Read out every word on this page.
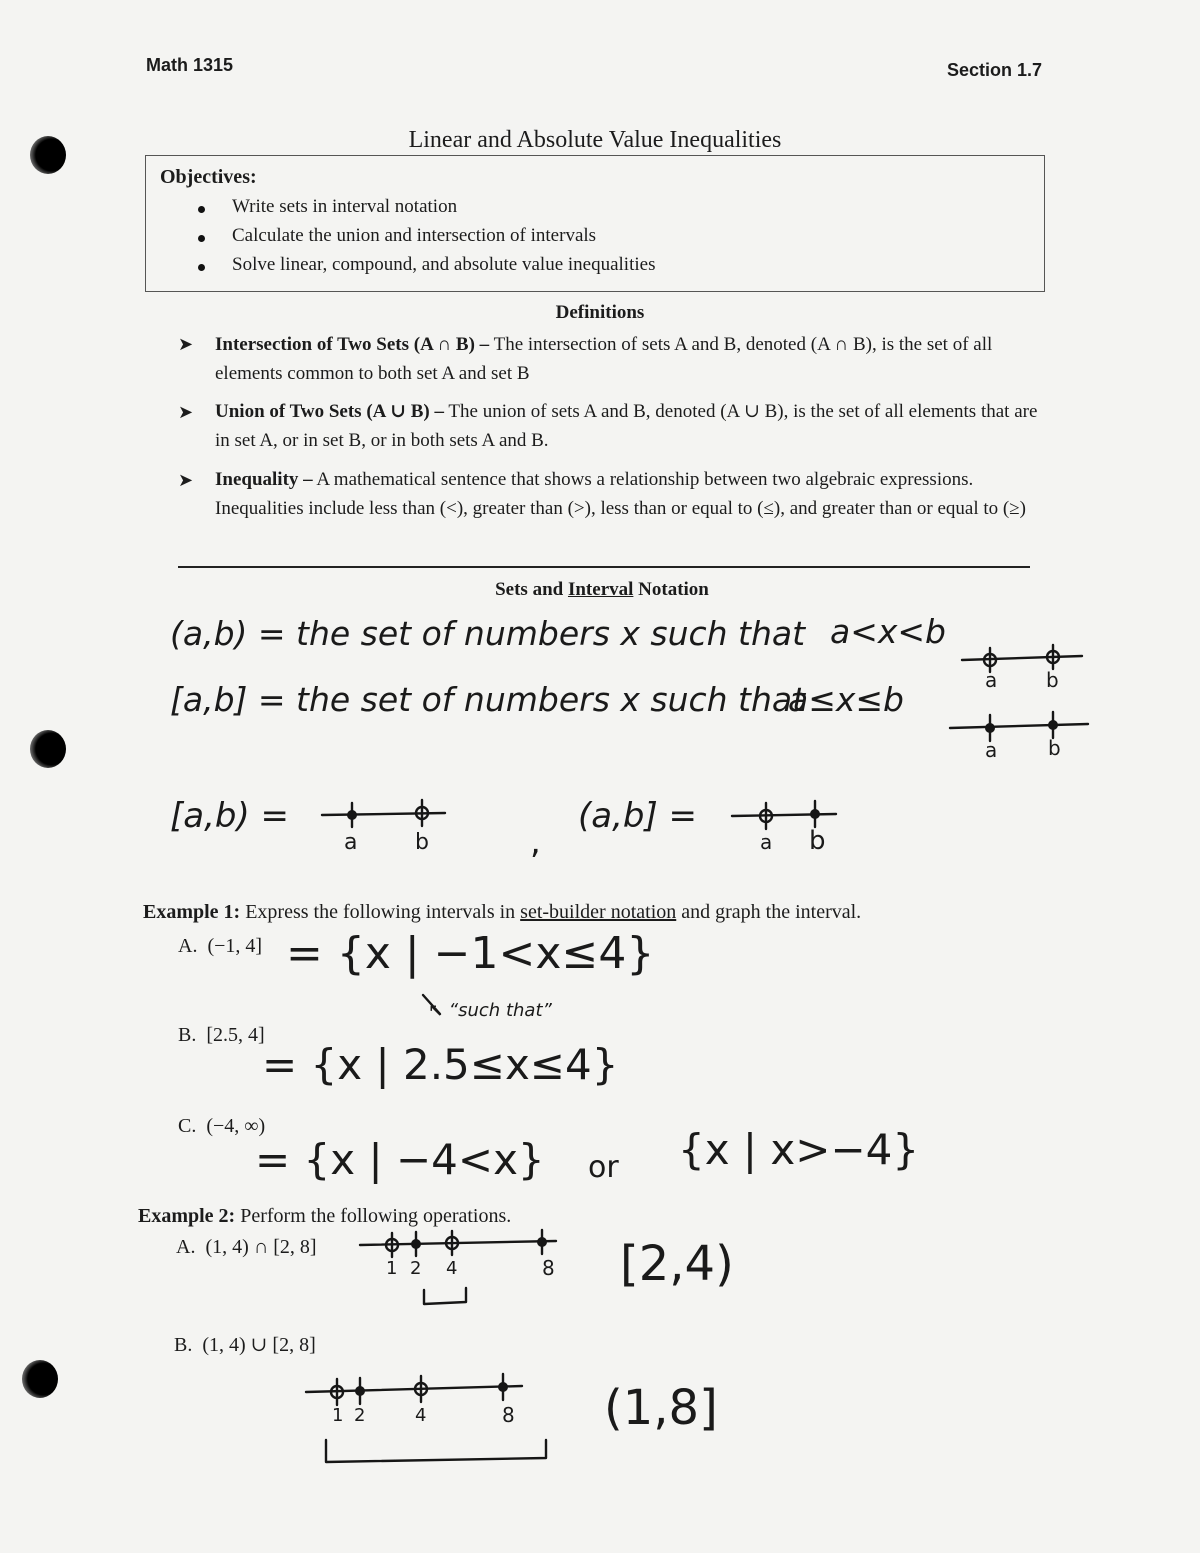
Math 1315	Section 1.7
Linear and Absolute Value Inequalities
Objectives:
Write sets in interval notation
Calculate the union and intersection of intervals
Solve linear, compound, and absolute value inequalities
Definitions
➤ Intersection of Two Sets (A ∩ B) – The intersection of sets A and B, denoted (A ∩ B), is the set of all elements common to both set A and set B
➤ Union of Two Sets (A ∪ B) – The union of sets A and B, denoted (A ∪ B), is the set of all elements that are in set A, or in set B, or in both sets A and B.
➤ Inequality – A mathematical sentence that shows a relationship between two algebraic expressions. Inequalities include less than (<), greater than (>), less than or equal to (≤), and greater than or equal to (≥)
Sets and Interval Notation
(a,b) = the set of numbers x such that a<x<b
[a,b] = the set of numbers x such that
a≤x≤b	a b
a	b
[a,b) =
a	b	,
(a,b] =
a b
Example 1: Express the following intervals in set-builder notation and graph the interval.
A. (−1, 4] = {x | −1<x≤4}
↖ “such that”
B. [2.5, 4]
= {x | 2.5≤x≤4}
C. (−4, ∞)
= {x | −4<x} or {x | x>−4}
Example 2: Perform the following operations.
A. (1, 4) ∩ [2, 8]
1 2 4	8 [2,4)
B. (1, 4) ∪ [2, 8]
1 2	4	8 (1,8]
